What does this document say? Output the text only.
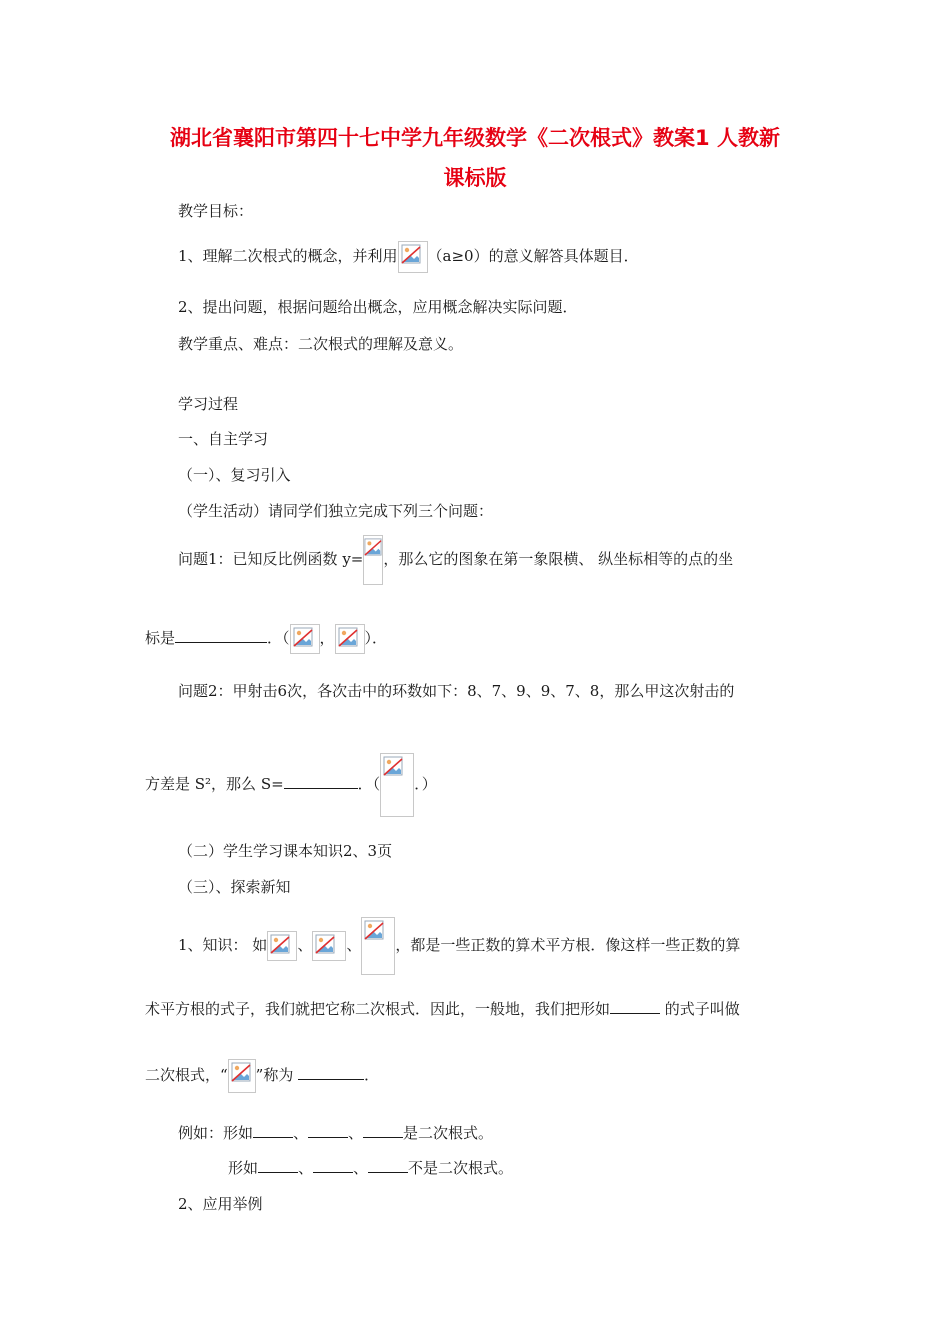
湖北省襄阳市第四十七中学九年级数学《二次根式》教案1 人教新
课标版
教学目标：
1、理解二次根式的概念，并利用 （a≥0）的意义解答具体题目．
2、提出问题，根据问题给出概念，应用概念解决实际问题．
教学重点、难点：二次根式的理解及意义。
学习过程
一、自主学习
（一）、复习引入
（学生活动）请同学们独立完成下列三个问题：
问题1：已知反比例函数 y= ，那么它的图象在第一象限横、 纵坐标相等的点的坐
标是	．（ ， ）．
问题2：甲射击6次，各次击中的环数如下：8、7、9、9、7、8，那么甲这次射击的
方差是 S²，那么 S=	．（ ．）
（二）学生学习课本知识2、3页
（三）、探索新知
1、知识： 如 、 、 ，都是一些正数的算术平方根．像这样一些正数的算
术平方根的式子，我们就把它称二次根式．因此，一般地，我们把形如	的式子叫做
二次根式，“ ”称为	．
例如：形如	、	、	是二次根式。
形如	、	、	不是二次根式。
2、应用举例
